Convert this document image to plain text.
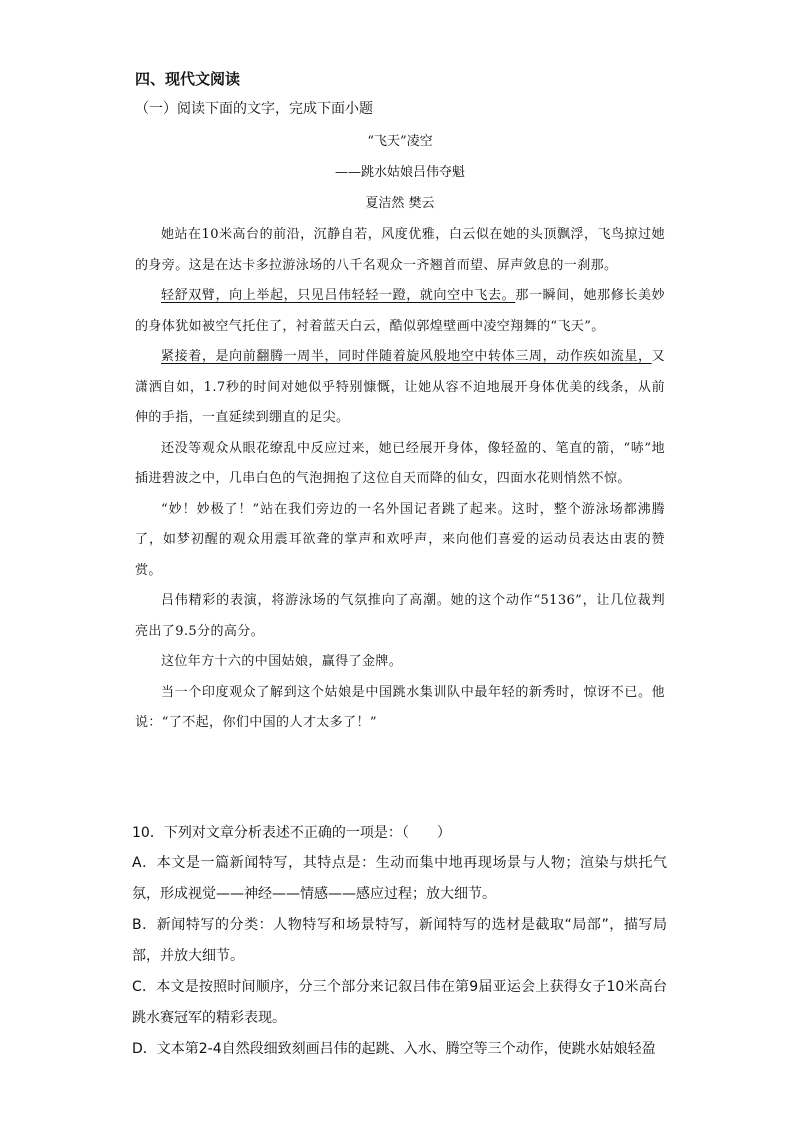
四、现代文阅读
（一）阅读下面的文字，完成下面小题
“飞天”凌空
——跳水姑娘吕伟夺魁
夏洁然 樊云

她站在10米高台的前沿，沉静自若，风度优雅，白云似在她的头顶飘浮，飞鸟掠过她的身旁。这是在达卡多拉游泳场的八千名观众一齐翘首而望、屏声敛息的一刹那。

轻舒双臂，向上举起，只见吕伟轻轻一蹬，就向空中飞去。那一瞬间，她那修长美妙的身体犹如被空气托住了，衬着蓝天白云，酷似郭煌壁画中凌空翔舞的“飞天”。

紧接着，是向前翻腾一周半，同时伴随着旋风般地空中转体三周，动作疾如流星，又潇洒自如，1.7秒的时间对她似乎特别慷慨，让她从容不迫地展开身体优美的线条，从前伸的手指，一直延续到绷直的足尖。

还没等观众从眼花缭乱中反应过来，她已经展开身体，像轻盈的、笔直的箭，“哧”地插进碧波之中，几串白色的气泡拥抱了这位自天而降的仙女，四面水花则悄然不惊。

“妙！妙极了！”站在我们旁边的一名外国记者跳了起来。这时，整个游泳场都沸腾了，如梦初醒的观众用震耳欲聋的掌声和欢呼声，来向他们喜爱的运动员表达由衷的赞赏。

吕伟精彩的表演，将游泳场的气氛推向了高潮。她的这个动作“5136”，让几位裁判亮出了9.5分的高分。

这位年方十六的中国姑娘，赢得了金牌。

当一个印度观众了解到这个姑娘是中国跳水集训队中最年轻的新秀时，惊讶不已。他说：“了不起，你们中国的人才太多了！”

10．下列对文章分析表述不正确的一项是：（　　）

A．本文是一篇新闻特写，其特点是：生动而集中地再现场景与人物；渲染与烘托气氛，形成视觉——神经——情感——感应过程；放大细节。

B．新闻特写的分类：人物特写和场景特写，新闻特写的选材是截取“局部”，描写局部，并放大细节。

C．本文是按照时间顺序，分三个部分来记叙吕伟在第9届亚运会上获得女子10米高台跳水赛冠军的精彩表现。

D．文本第2-4自然段细致刻画吕伟的起跳、入水、腾空等三个动作，使跳水姑娘轻盈
